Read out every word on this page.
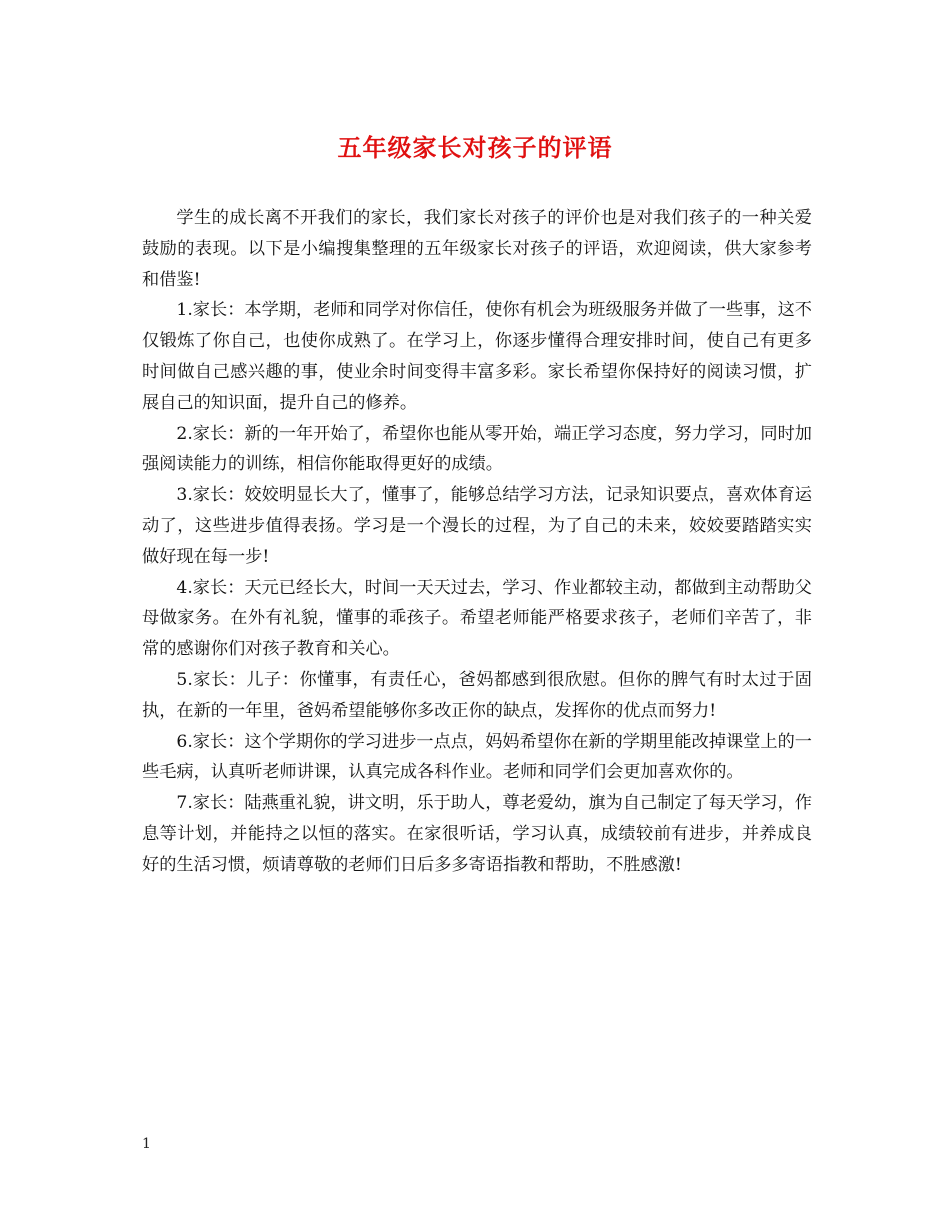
五年级家长对孩子的评语

学生的成长离不开我们的家长，我们家长对孩子的评价也是对我们孩子的一种关爱鼓励的表现。以下是小编搜集整理的五年级家长对孩子的评语，欢迎阅读，供大家参考和借鉴!

1.家长：本学期，老师和同学对你信任，使你有机会为班级服务并做了一些事，这不仅锻炼了你自己，也使你成熟了。在学习上，你逐步懂得合理安排时间，使自己有更多时间做自己感兴趣的事，使业余时间变得丰富多彩。家长希望你保持好的阅读习惯，扩展自己的知识面，提升自己的修养。

2.家长：新的一年开始了，希望你也能从零开始，端正学习态度，努力学习，同时加强阅读能力的训练，相信你能取得更好的成绩。

3.家长：姣姣明显长大了，懂事了，能够总结学习方法，记录知识要点，喜欢体育运动了，这些进步值得表扬。学习是一个漫长的过程，为了自己的未来，姣姣要踏踏实实做好现在每一步!

4.家长：天元已经长大，时间一天天过去，学习、作业都较主动，都做到主动帮助父母做家务。在外有礼貌，懂事的乖孩子。希望老师能严格要求孩子，老师们辛苦了，非常的感谢你们对孩子教育和关心。

5.家长：儿子：你懂事，有责任心，爸妈都感到很欣慰。但你的脾气有时太过于固执，在新的一年里，爸妈希望能够你多改正你的缺点，发挥你的优点而努力!

6.家长：这个学期你的学习进步一点点，妈妈希望你在新的学期里能改掉课堂上的一些毛病，认真听老师讲课，认真完成各科作业。老师和同学们会更加喜欢你的。

7.家长：陆燕重礼貌，讲文明，乐于助人，尊老爱幼，旗为自己制定了每天学习，作息等计划，并能持之以恒的落实。在家很听话，学习认真，成绩较前有进步，并养成良好的生活习惯，烦请尊敬的老师们日后多多寄语指教和帮助，不胜感激!

1
